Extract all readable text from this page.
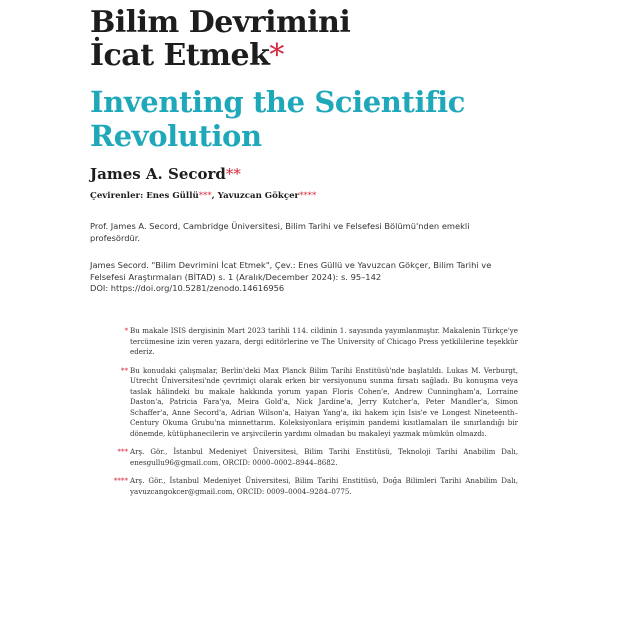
Bilim Devrimini
İcat Etmek*
Inventing the Scientific
Revolution
James A. Secord**
Çevirenler: Enes Güllü***, Yavuzcan Gökçer****

Prof. James A. Secord, Cambridge Üniversitesi, Bilim Tarihi ve Felsefesi Bölümü'nden emekli profesördür.

James Secord. "Bilim Devrimini İcat Etmek", Çev.: Enes Güllü ve Yavuzcan Gökçer, Bilim Tarihi ve Felsefesi Araştırmaları (BİTAD) s. 1 (Aralık/December 2024): s. 95–142
DOI: https://doi.org/10.5281/zenodo.14616956
* Bu makale ISIS dergisinin Mart 2023 tarihli 114. cildinin 1. sayısında yayımlanmıştır. Makalenin Türkçe'ye tercümesine izin veren yazara, dergi editörlerine ve The University of Chicago Press yetkililerine teşekkür ederiz.
** Bu konudaki çalışmalar, Berlin'deki Max Planck Bilim Tarihi Enstitüsü'nde başlatıldı. Lukas M. Verburgt, Utrecht Üniversitesi'nde çevrimiçi olarak erken bir versiyonunu sunma fırsatı sağladı. Bu konuşma veya taslak hâlindeki bu makale hakkında yorum yapan Floris Cohen'e, Andrew Cunningham'a, Lorraine Daston'a, Patricia Fara'ya, Meira Gold'a, Nick Jardine'a, Jerry Kutcher'a, Peter Mandler'a, Simon Schaffer'a, Anne Secord'a, Adrian Wilson'a, Haiyan Yang'a, iki hakem için Isis'e ve Longest Nineteenth–Century Okuma Grubu'na minnettarım. Koleksiyonlara erişimin pandemi kısıtlamaları ile sınırlandığı bir dönemde, kütüphanecilerin ve arşivcilerin yardımı olmadan bu makaleyi yazmak mümkün olmazdı.
*** Arş. Gör., İstanbul Medeniyet Üniversitesi, Bilim Tarihi Enstitüsü, Teknoloji Tarihi Anabilim Dalı, enesgullu96@gmail.com, ORCID: 0000–0002–8944–8682.
**** Arş. Gör., İstanbul Medeniyet Üniversitesi, Bilim Tarihi Enstitüsü, Doğa Bilimleri Tarihi Anabilim Dalı, yavuzcangokcer@gmail.com, ORCID: 0009–0004–9284–0775.
